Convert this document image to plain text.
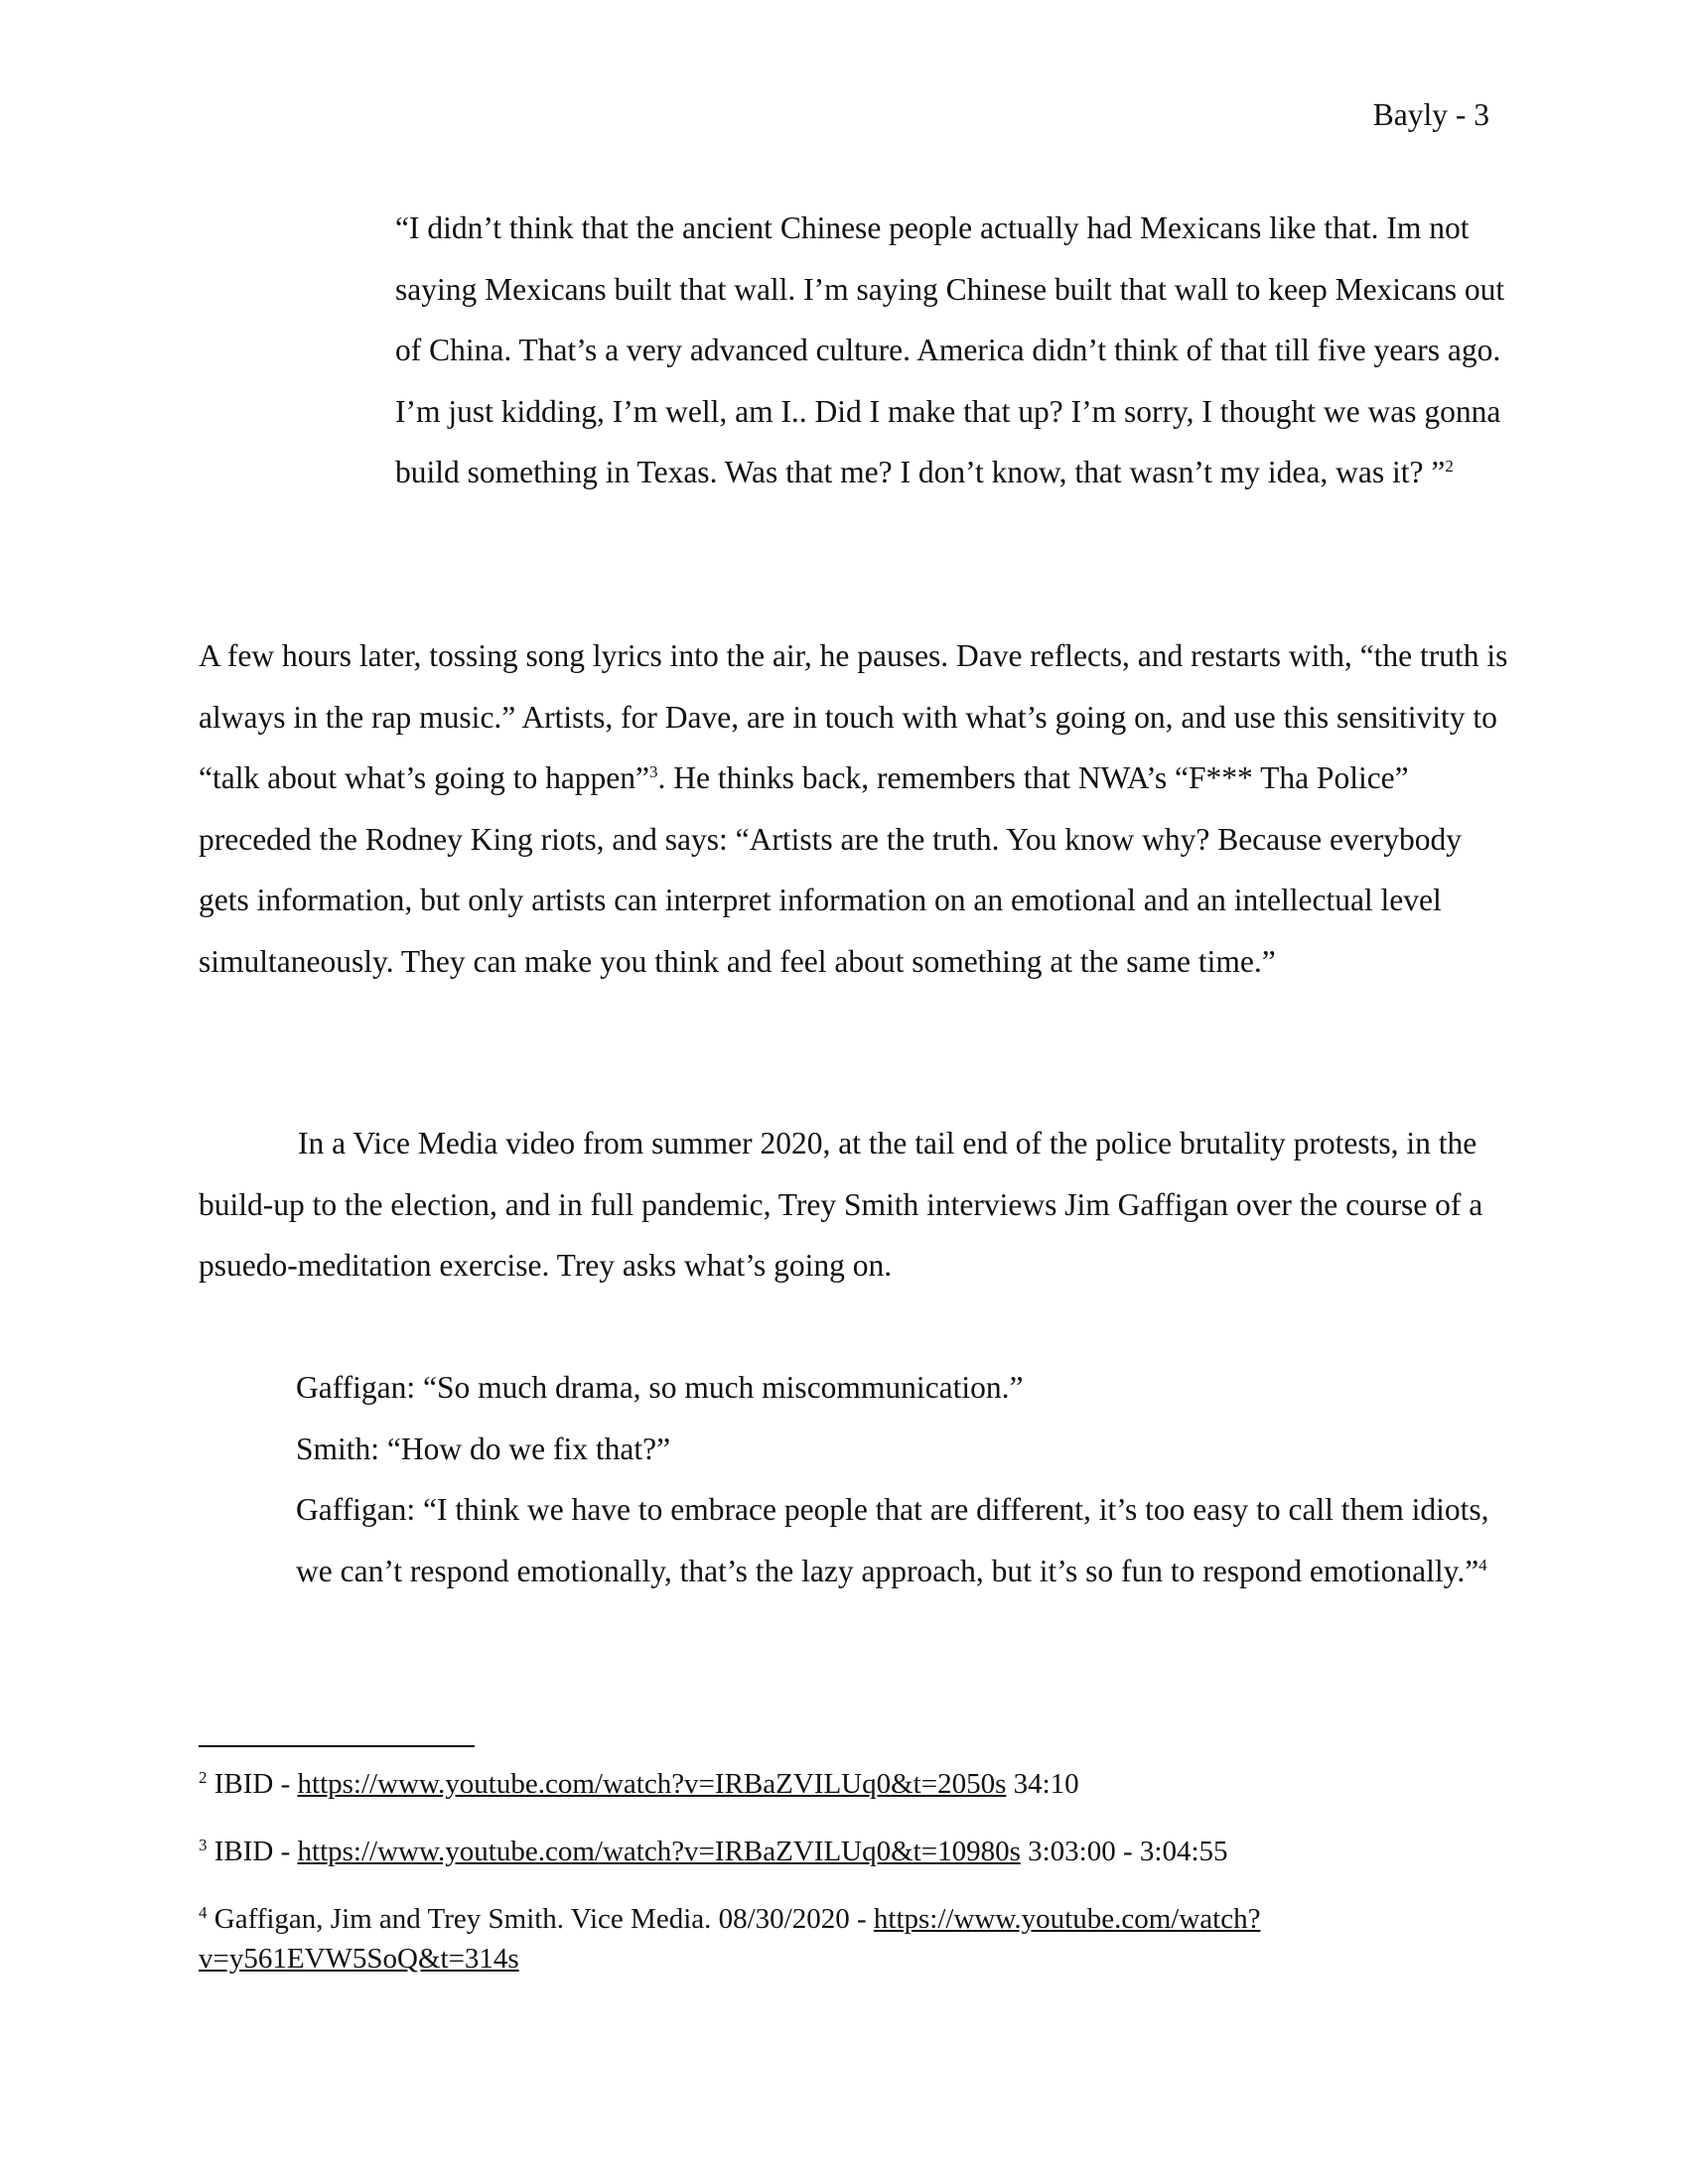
Bayly - 3

“I didn’t think that the ancient Chinese people actually had Mexicans like that. Im not saying Mexicans built that wall. I’m saying Chinese built that wall to keep Mexicans out of China. That’s a very advanced culture. America didn’t think of that till five years ago. I’m just kidding, I’m well, am I.. Did I make that up? I’m sorry, I thought we was gonna build something in Texas. Was that me? I don’t know, that wasn’t my idea, was it? ”$^2$

A few hours later, tossing song lyrics into the air, he pauses. Dave reflects, and restarts with, “the truth is always in the rap music.” Artists, for Dave, are in touch with what’s going on, and use this sensitivity to “talk about what’s going to happen”$^3$. He thinks back, remembers that NWA’s “F*** Tha Police” preceded the Rodney King riots, and says: “Artists are the truth. You know why? Because everybody gets information, but only artists can interpret information on an emotional and an intellectual level simultaneously. They can make you think and feel about something at the same time.”

In a Vice Media video from summer 2020, at the tail end of the police brutality protests, in the build-up to the election, and in full pandemic, Trey Smith interviews Jim Gaffigan over the course of a psuedo-meditation exercise. Trey asks what’s going on.

Gaffigan: “So much drama, so much miscommunication.”

Smith: “How do we fix that?”

Gaffigan: “I think we have to embrace people that are different, it’s too easy to call them idiots, we can’t respond emotionally, that’s the lazy approach, but it’s so fun to respond emotionally.”$^4$

$^2$ IBID - https://www.youtube.com/watch?v=IRBaZVILUq0&t=2050s 34:10

$^3$ IBID - https://www.youtube.com/watch?v=IRBaZVILUq0&t=10980s 3:03:00 - 3:04:55

$^4$ Gaffigan, Jim and Trey Smith. Vice Media. 08/30/2020 - https://www.youtube.com/watch?v=y561EVW5SoQ&t=314s
